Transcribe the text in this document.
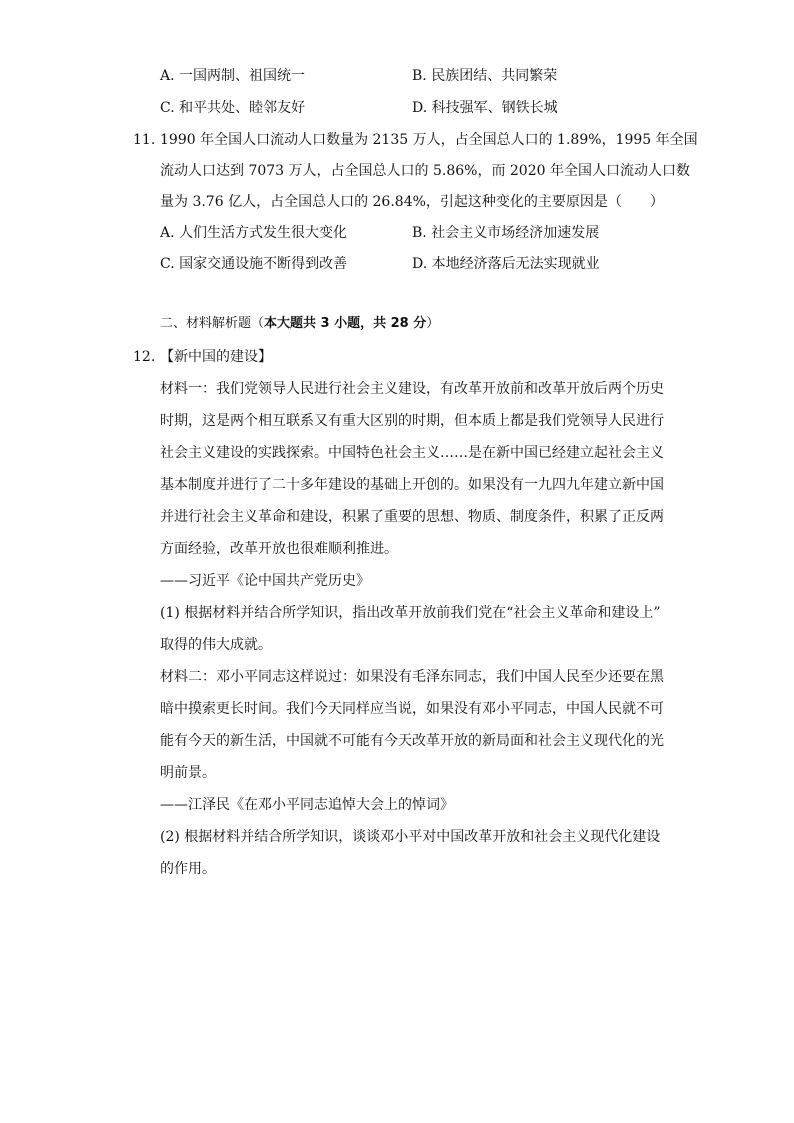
A. 一国两制、祖国统一	B. 民族团结、共同繁荣
C. 和平共处、睦邻友好	D. 科技强军、钢铁长城
11. 1990 年全国人口流动人口数量为 2135 万人，占全国总人口的 1.89%，1995 年全国
流动人口达到 7073 万人，占全国总人口的 5.86%，而 2020 年全国人口流动人口数
量为 3.76 亿人，占全国总人口的 26.84%，引起这种变化的主要原因是（　　）
A. 人们生活方式发生很大变化	B. 社会主义市场经济加速发展
C. 国家交通设施不断得到改善	D. 本地经济落后无法实现就业
二、材料解析题（本大题共 3 小题，共 28 分）
12. 【新中国的建设】
材料一：我们党领导人民进行社会主义建设，有改革开放前和改革开放后两个历史
时期，这是两个相互联系又有重大区别的时期，但本质上都是我们党领导人民进行
社会主义建设的实践探索。中国特色社会主义……是在新中国已经建立起社会主义
基本制度并进行了二十多年建设的基础上开创的。如果没有一九四九年建立新中国
并进行社会主义革命和建设，积累了重要的思想、物质、制度条件，积累了正反两
方面经验，改革开放也很难顺利推进。
——习近平《论中国共产党历史》
(1) 根据材料并结合所学知识，指出改革开放前我们党在“社会主义革命和建设上”
取得的伟大成就。
材料二：邓小平同志这样说过：如果没有毛泽东同志，我们中国人民至少还要在黑
暗中摸索更长时间。我们今天同样应当说，如果没有邓小平同志，中国人民就不可
能有今天的新生活，中国就不可能有今天改革开放的新局面和社会主义现代化的光
明前景。
——江泽民《在邓小平同志追悼大会上的悼词》
(2) 根据材料并结合所学知识，谈谈邓小平对中国改革开放和社会主义现代化建设
的作用。
